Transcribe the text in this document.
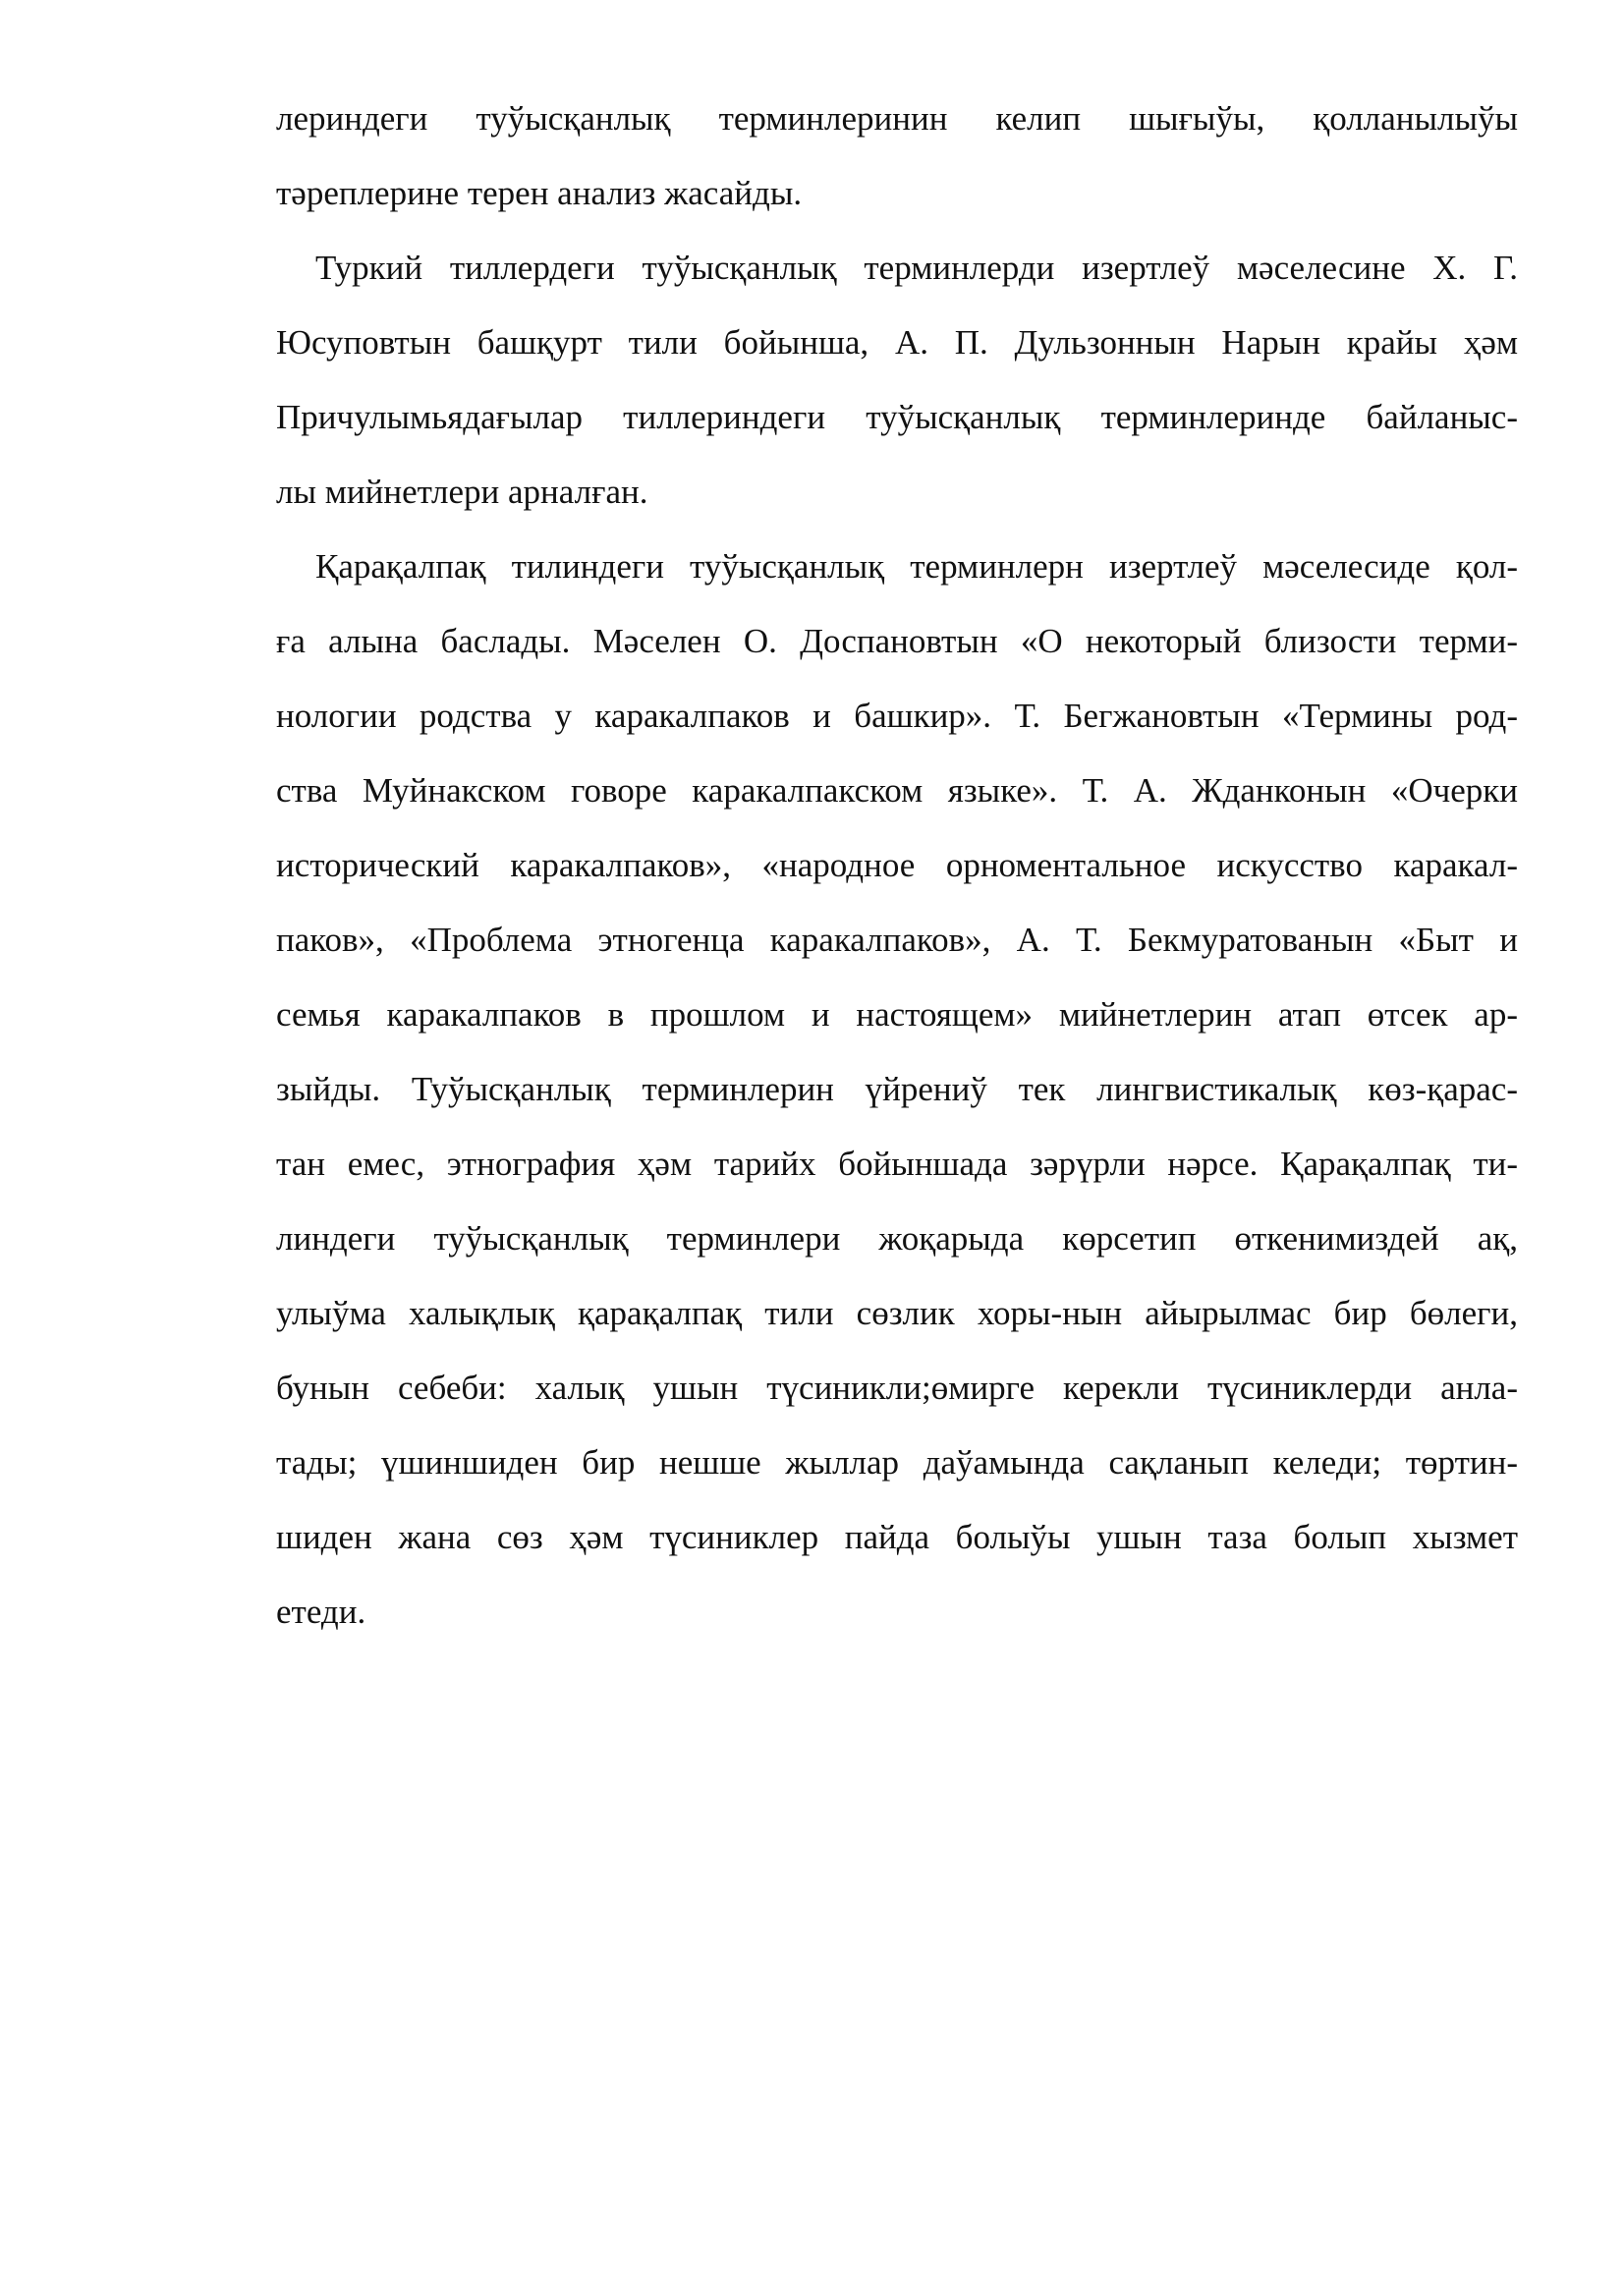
лериндеги туўысқанлық терминлеринин келип шығыўы, қолланылыўы
тәреплерине терен анализ жасайды.
Туркий тиллердеги туўысқанлық терминлерди изертлеў мәселесине Х. Г.
Юсуповтын башқурт тили бойынша, А. П. Дульзоннын Нарын крайы ҳәм
Причулымьядағылар тиллериндеги туўысқанлық терминлеринде байланыс-
лы мийнетлери арналған.
Қарақалпақ тилиндеги туўысқанлық терминлерн изертлеў мәселесиде қол-
ға алына баслады. Мәселен О. Доспановтын «О некоторый близости терми-
нологии родства у каракалпаков и башкир». Т. Бегжановтын «Термины род-
ства Муйнакском говоре каракалпакском языке». Т. А. Жданконын «Очерки
исторический каракалпаков», «народное орноментальное искусство каракал-
паков», «Проблема этногенца каракалпаков», А. Т. Бекмуратованын «Быт и
семья каракалпаков в прошлом и настоящем» мийнетлерин атап өтсек ар-
зыйды. Туўысқанлық терминлерин үйрениў тек лингвистикалық көз-қарас-
тан емес, этнография ҳәм тарийх бойыншада зәрүрли нәрсе. Қарақалпақ ти-
линдеги туўысқанлық терминлери жоқарыда көрсетип өткенимиздей ақ,
улыўма халықлық қарақалпақ тили сөзлик хоры-нын айырылмас бир бөлеги,
бунын себеби: халық ушын түсиникли;өмирге керекли түсиниклерди анла-
тады; үшиншиден бир нешше жыллар даўамында сақланып келеди; төртин-
шиден жана сөз ҳәм түсиниклер пайда болыўы ушын таза болып хызмет
етеди.
